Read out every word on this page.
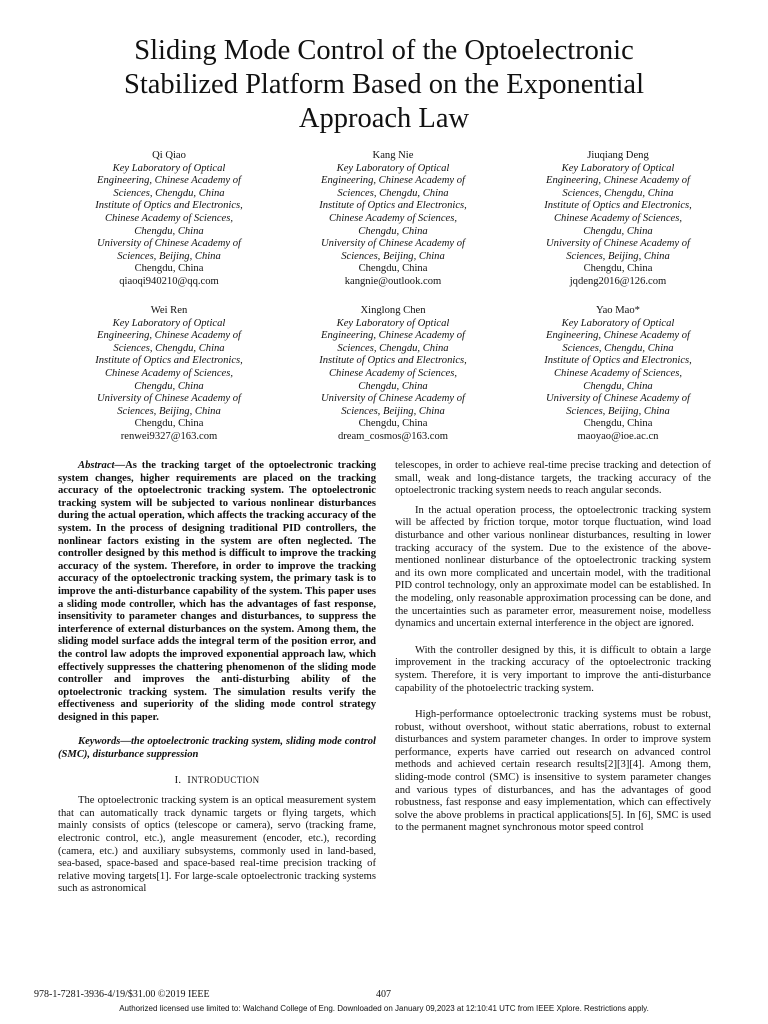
Sliding Mode Control of the Optoelectronic
Stabilized Platform Based on the Exponential
Approach Law
Qi Qiao
Key Laboratory of Optical
Engineering, Chinese Academy of
Sciences, Chengdu, China
Institute of Optics and Electronics,
Chinese Academy of Sciences,
Chengdu, China
University of Chinese Academy of
Sciences, Beijing, China
Chengdu, China
qiaoqi940210@qq.com
Kang Nie
Key Laboratory of Optical
Engineering, Chinese Academy of
Sciences, Chengdu, China
Institute of Optics and Electronics,
Chinese Academy of Sciences,
Chengdu, China
University of Chinese Academy of
Sciences, Beijing, China
Chengdu, China
kangnie@outlook.com
Jiuqiang Deng
Key Laboratory of Optical
Engineering, Chinese Academy of
Sciences, Chengdu, China
Institute of Optics and Electronics,
Chinese Academy of Sciences,
Chengdu, China
University of Chinese Academy of
Sciences, Beijing, China
Chengdu, China
jqdeng2016@126.com
Wei Ren
Key Laboratory of Optical
Engineering, Chinese Academy of
Sciences, Chengdu, China
Institute of Optics and Electronics,
Chinese Academy of Sciences,
Chengdu, China
University of Chinese Academy of
Sciences, Beijing, China
Chengdu, China
renwei9327@163.com
Xinglong Chen
Key Laboratory of Optical
Engineering, Chinese Academy of
Sciences, Chengdu, China
Institute of Optics and Electronics,
Chinese Academy of Sciences,
Chengdu, China
University of Chinese Academy of
Sciences, Beijing, China
Chengdu, China
dream_cosmos@163.com
Yao Mao*
Key Laboratory of Optical
Engineering, Chinese Academy of
Sciences, Chengdu, China
Institute of Optics and Electronics,
Chinese Academy of Sciences,
Chengdu, China
University of Chinese Academy of
Sciences, Beijing, China
Chengdu, China
maoyao@ioe.ac.cn

Abstract—As the tracking target of the optoelectronic tracking system changes, higher requirements are placed on the tracking accuracy of the optoelectronic tracking system. The optoelectronic tracking system will be subjected to various nonlinear disturbances during the actual operation, which affects the tracking accuracy of the system. In the process of designing traditional PID controllers, the nonlinear factors existing in the system are often neglected. The controller designed by this method is difficult to improve the tracking accuracy of the system. Therefore, in order to improve the tracking accuracy of the optoelectronic tracking system, the primary task is to improve the anti-disturbance capability of the system. This paper uses a sliding mode controller, which has the advantages of fast response, insensitivity to parameter changes and disturbances, to suppress the interference of external disturbances on the system. Among them, the sliding model surface adds the integral term of the position error, and the control law adopts the improved exponential approach law, which effectively suppresses the chattering phenomenon of the sliding mode controller and improves the anti-disturbing ability of the optoelectronic tracking system. The simulation results verify the effectiveness and superiority of the sliding mode control strategy designed in this paper.

Keywords—the optoelectronic tracking system, sliding mode control (SMC), disturbance suppression

I. INTRODUCTION

The optoelectronic tracking system is an optical measurement system that can automatically track dynamic targets or flying targets, which mainly consists of optics (telescope or camera), servo (tracking frame, electronic control, etc.), angle measurement (encoder, etc.), recording (camera, etc.) and auxiliary subsystems, commonly used in land-based, sea-based, space-based and space-based real-time precision tracking of relative moving targets[1]. For large-scale optoelectronic tracking systems such as astronomical

telescopes, in order to achieve real-time precise tracking and detection of small, weak and long-distance targets, the tracking accuracy of the optoelectronic tracking system needs to reach angular seconds.

In the actual operation process, the optoelectronic tracking system will be affected by friction torque, motor torque fluctuation, wind load disturbance and other various nonlinear disturbances, resulting in lower tracking accuracy of the system. Due to the existence of the above-mentioned nonlinear disturbance of the optoelectronic tracking system and its own more complicated and uncertain model, with the traditional PID control technology, only an approximate model can be established. In the modeling, only reasonable approximation processing can be done, and the uncertainties such as parameter error, measurement noise, modelless dynamics and uncertain external interference in the object are ignored.

With the controller designed by this, it is difficult to obtain a large improvement in the tracking accuracy of the optoelectronic tracking system. Therefore, it is very important to improve the anti-disturbance capability of the photoelectric tracking system.

High-performance optoelectronic tracking systems must be robust, robust, without overshoot, without static aberrations, robust to external disturbances and system parameter changes. In order to improve system performance, experts have carried out research on advanced control methods and achieved certain research results[2][3][4]. Among them, sliding-mode control (SMC) is insensitive to system parameter changes and various types of disturbances, and has the advantages of good robustness, fast response and easy implementation, which can effectively solve the above problems in practical applications[5]. In [6], SMC is used to the permanent magnet synchronous motor speed control

978-1-7281-3936-4/19/$31.00 ©2019 IEEE	407
Authorized licensed use limited to: Walchand College of Eng. Downloaded on January 09,2023 at 12:10:41 UTC from IEEE Xplore. Restrictions apply.
